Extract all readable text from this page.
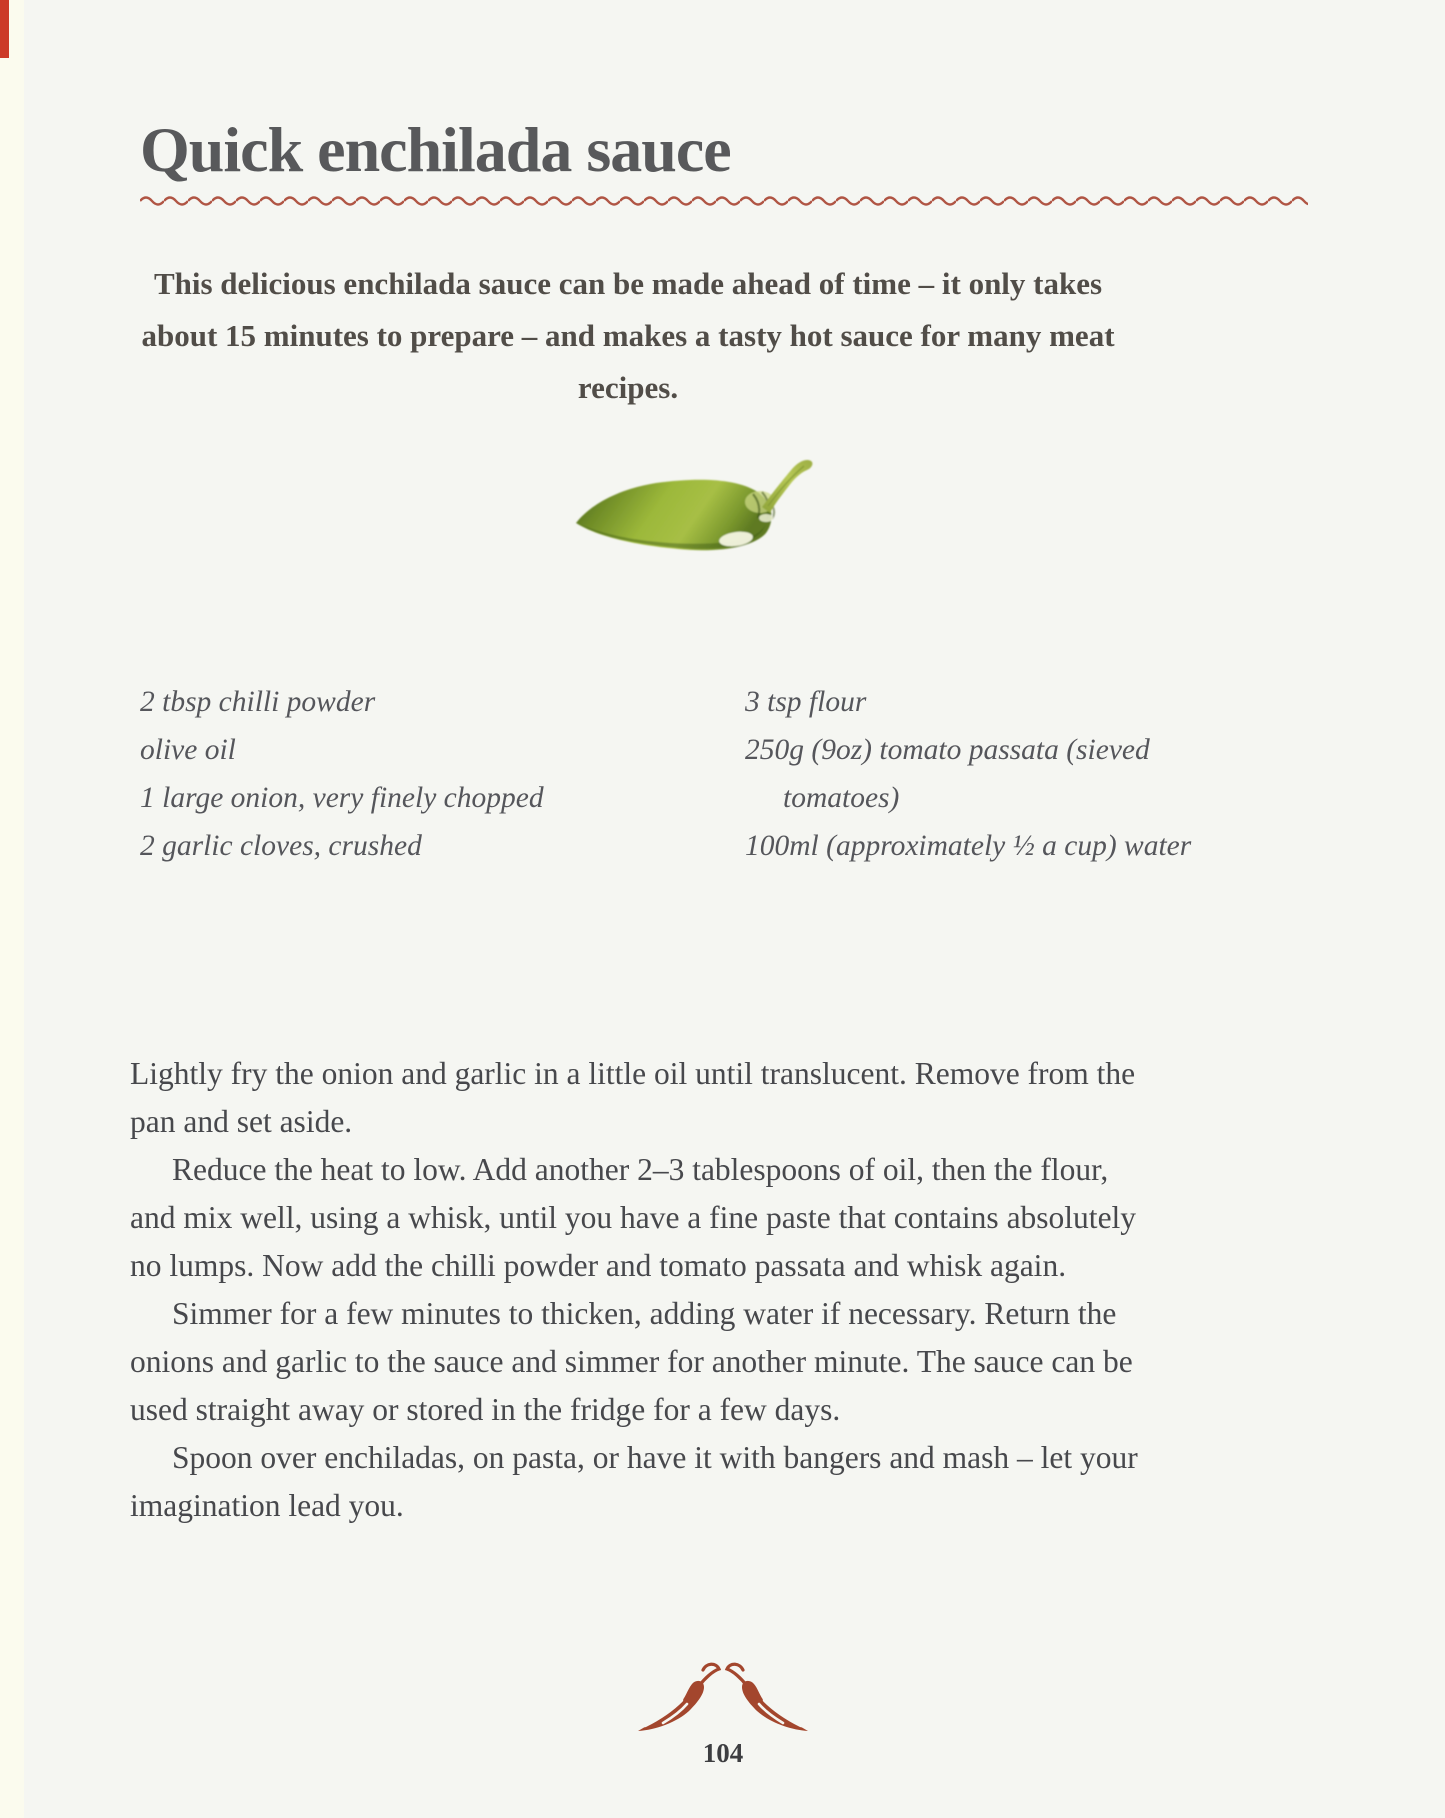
Quick enchilada sauce
This delicious enchilada sauce can be made ahead of time – it only takes about 15 minutes to prepare – and makes a tasty hot sauce for many meat recipes.
2 tbsp chilli powder
olive oil
1 large onion, very finely chopped
2 garlic cloves, crushed
3 tsp flour
250g (9oz) tomato passata (sieved tomatoes)
100ml (approximately ½ a cup) water

Lightly fry the onion and garlic in a little oil until translucent. Remove from the pan and set aside.

Reduce the heat to low. Add another 2–3 tablespoons of oil, then the flour, and mix well, using a whisk, until you have a fine paste that contains absolutely no lumps. Now add the chilli powder and tomato passata and whisk again.

Simmer for a few minutes to thicken, adding water if necessary. Return the onions and garlic to the sauce and simmer for another minute. The sauce can be used straight away or stored in the fridge for a few days.

Spoon over enchiladas, on pasta, or have it with bangers and mash – let your imagination lead you.

104
